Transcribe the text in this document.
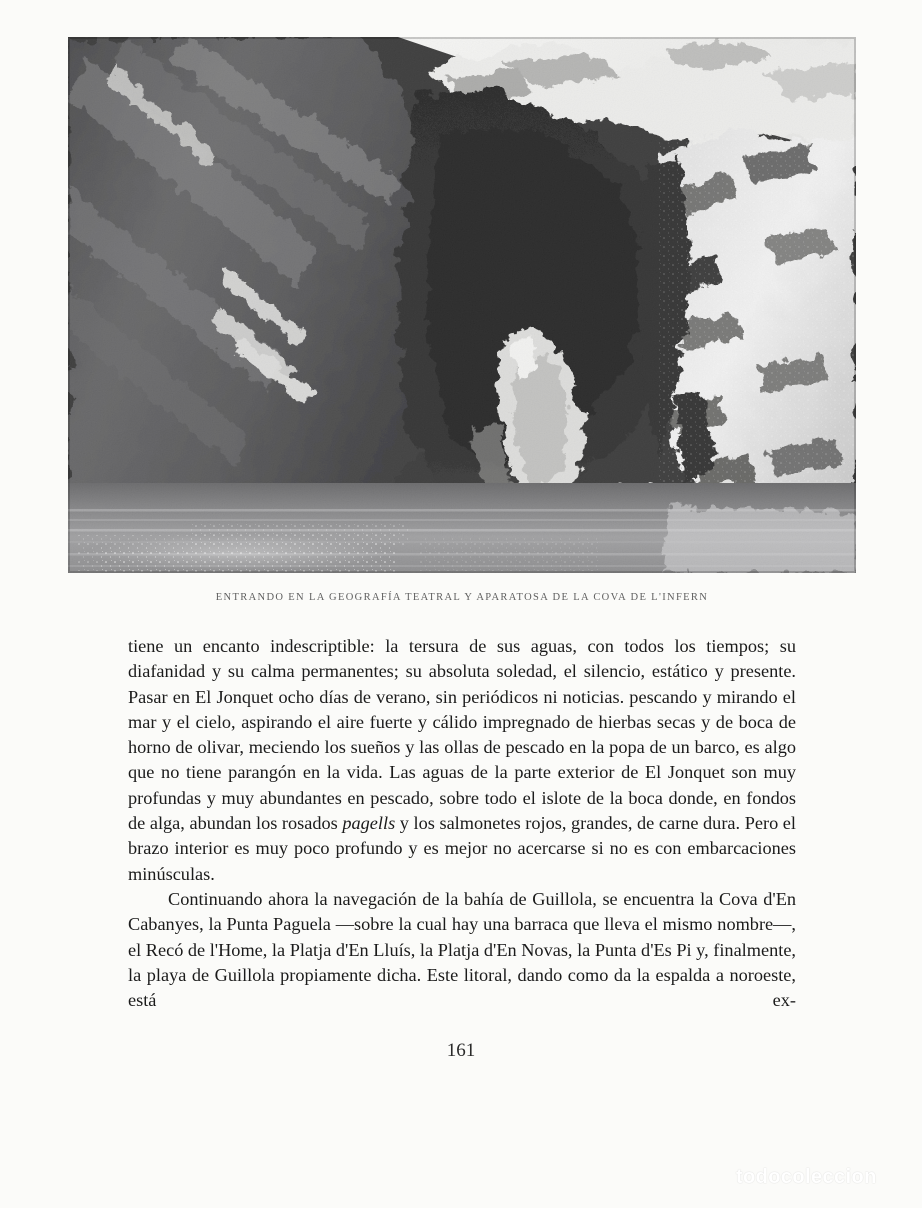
ENTRANDO EN LA GEOGRAFÍA TEATRAL Y APARATOSA DE LA COVA DE L'INFERN

tiene un encanto indescriptible: la tersura de sus aguas, con todos los tiempos; su diafanidad y su calma permanentes; su absoluta soledad, el silencio, estático y presente. Pasar en El Jonquet ocho días de verano, sin periódicos ni noticias. pescando y mirando el mar y el cielo, aspirando el aire fuerte y cálido impregnado de hierbas secas y de boca de horno de olivar, meciendo los sueños y las ollas de pescado en la popa de un barco, es algo que no tiene parangón en la vida. Las aguas de la parte exterior de El Jonquet son muy profundas y muy abundantes en pescado, sobre todo el islote de la boca donde, en fondos de alga, abundan los rosados pagells y los salmonetes rojos, grandes, de carne dura. Pero el brazo interior es muy poco profundo y es mejor no acercarse si no es con embarcaciones minúsculas.

Continuando ahora la navegación de la bahía de Guillola, se encuentra la Cova d'En Cabanyes, la Punta Paguela —sobre la cual hay una barraca que lleva el mismo nombre—, el Recó de l'Home, la Platja d'En Lluís, la Platja d'En Novas, la Punta d'Es Pi y, finalmente, la playa de Guillola propiamente dicha. Este litoral, dando como da la espalda a noroeste, está ex-

161
todocoleccion
